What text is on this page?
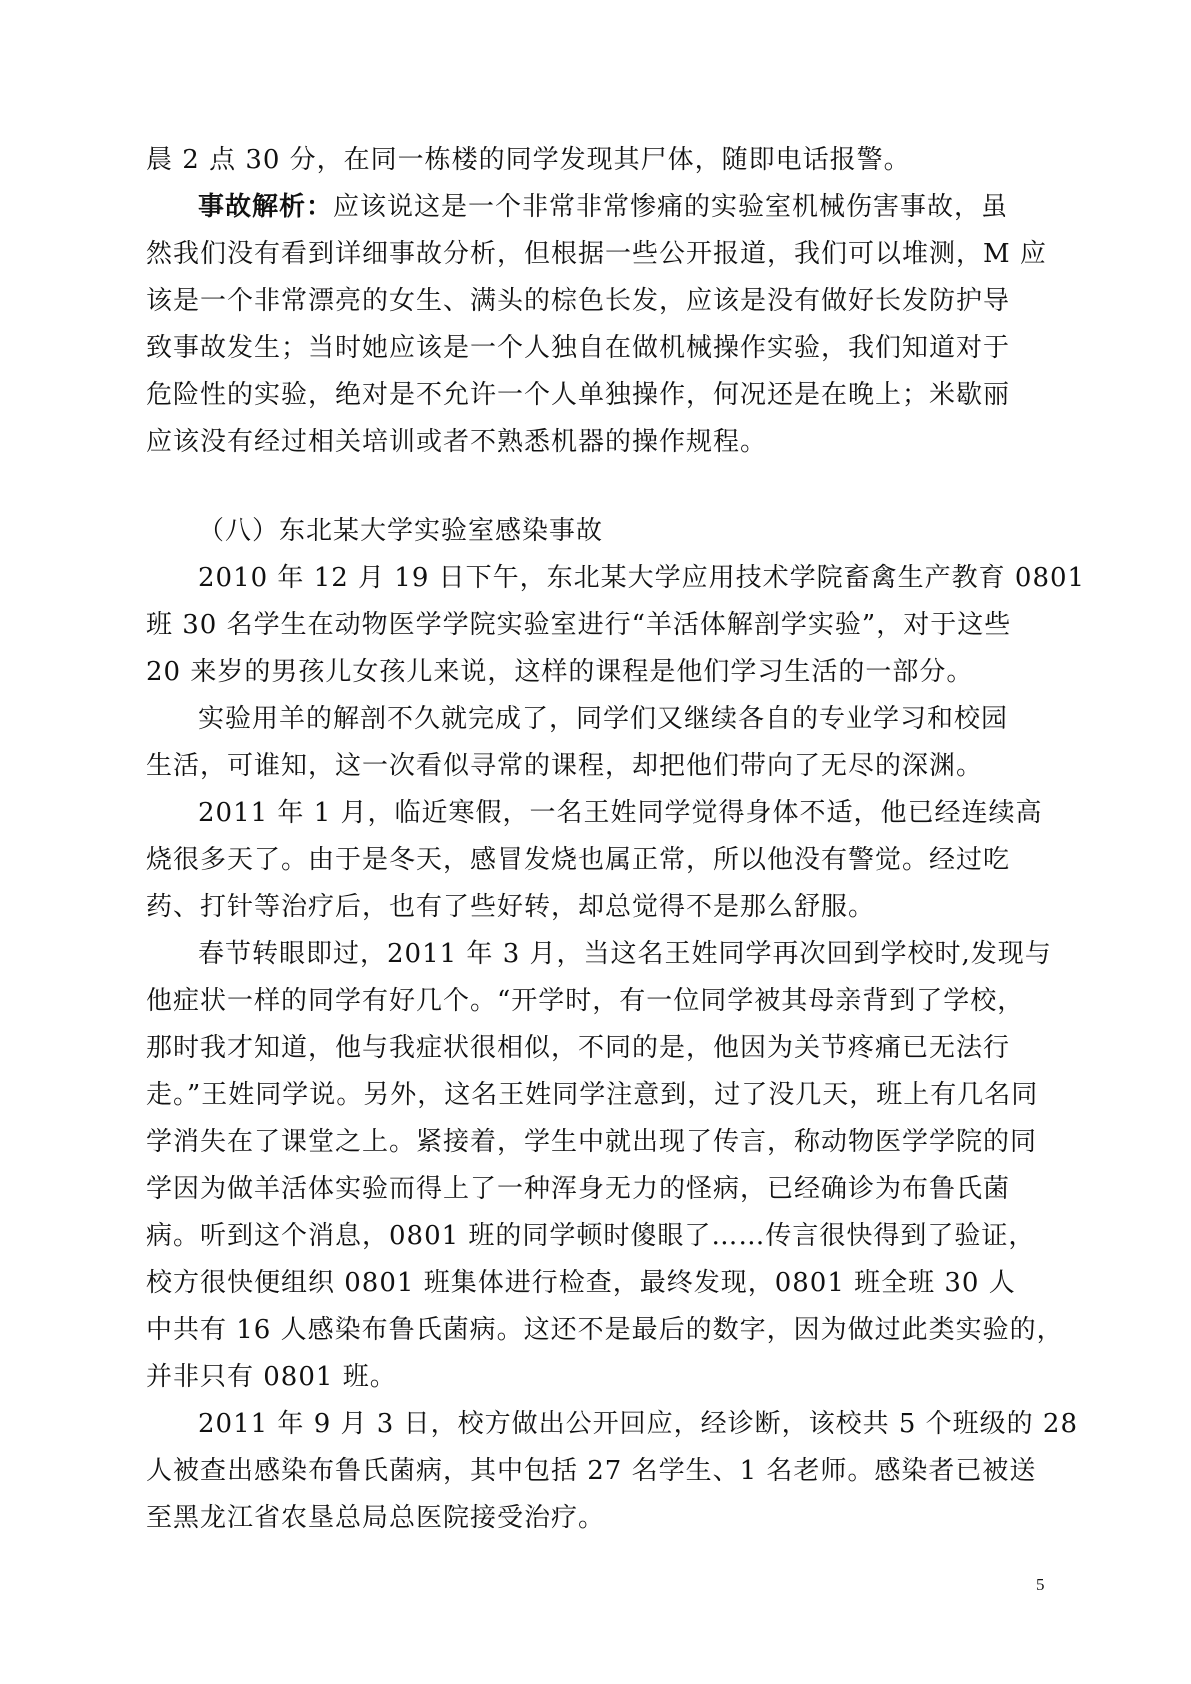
晨 2 点 30 分，在同一栋楼的同学发现其尸体，随即电话报警。

事故解析：应该说这是一个非常非常惨痛的实验室机械伤害事故，虽

然我们没有看到详细事故分析，但根据一些公开报道，我们可以堆测，M 应
该是一个非常漂亮的女生、满头的棕色长发，应该是没有做好长发防护导
致事故发生；当时她应该是一个人独自在做机械操作实验，我们知道对于
危险性的实验，绝对是不允许一个人单独操作，何况还是在晚上；米歇丽
应该没有经过相关培训或者不熟悉机器的操作规程。

（八）东北某大学实验室感染事故

2010 年 12 月 19 日下午，东北某大学应用技术学院畜禽生产教育 0801

班 30 名学生在动物医学学院实验室进行“羊活体解剖学实验”，对于这些
20 来岁的男孩儿女孩儿来说，这样的课程是他们学习生活的一部分。

实验用羊的解剖不久就完成了，同学们又继续各自的专业学习和校园

生活，可谁知，这一次看似寻常的课程，却把他们带向了无尽的深渊。

2011 年 1 月，临近寒假，一名王姓同学觉得身体不适，他已经连续高

烧很多天了。由于是冬天，感冒发烧也属正常，所以他没有警觉。经过吃
药、打针等治疗后，也有了些好转，却总觉得不是那么舒服。

春节转眼即过，2011 年 3 月，当这名王姓同学再次回到学校时,发现与

他症状一样的同学有好几个。“开学时，有一位同学被其母亲背到了学校，
那时我才知道，他与我症状很相似，不同的是，他因为关节疼痛已无法行
走。”王姓同学说。另外，这名王姓同学注意到，过了没几天，班上有几名同
学消失在了课堂之上。紧接着，学生中就出现了传言，称动物医学学院的同
学因为做羊活体实验而得上了一种浑身无力的怪病，已经确诊为布鲁氏菌
病。听到这个消息，0801 班的同学顿时傻眼了……传言很快得到了验证，
校方很快便组织 0801 班集体进行检查，最终发现，0801 班全班 30 人
中共有 16 人感染布鲁氏菌病。这还不是最后的数字，因为做过此类实验的，
并非只有 0801 班。

2011 年 9 月 3 日，校方做出公开回应，经诊断，该校共 5 个班级的 28

人被查出感染布鲁氏菌病，其中包括 27 名学生、1 名老师。感染者已被送
至黑龙江省农垦总局总医院接受治疗。

5
